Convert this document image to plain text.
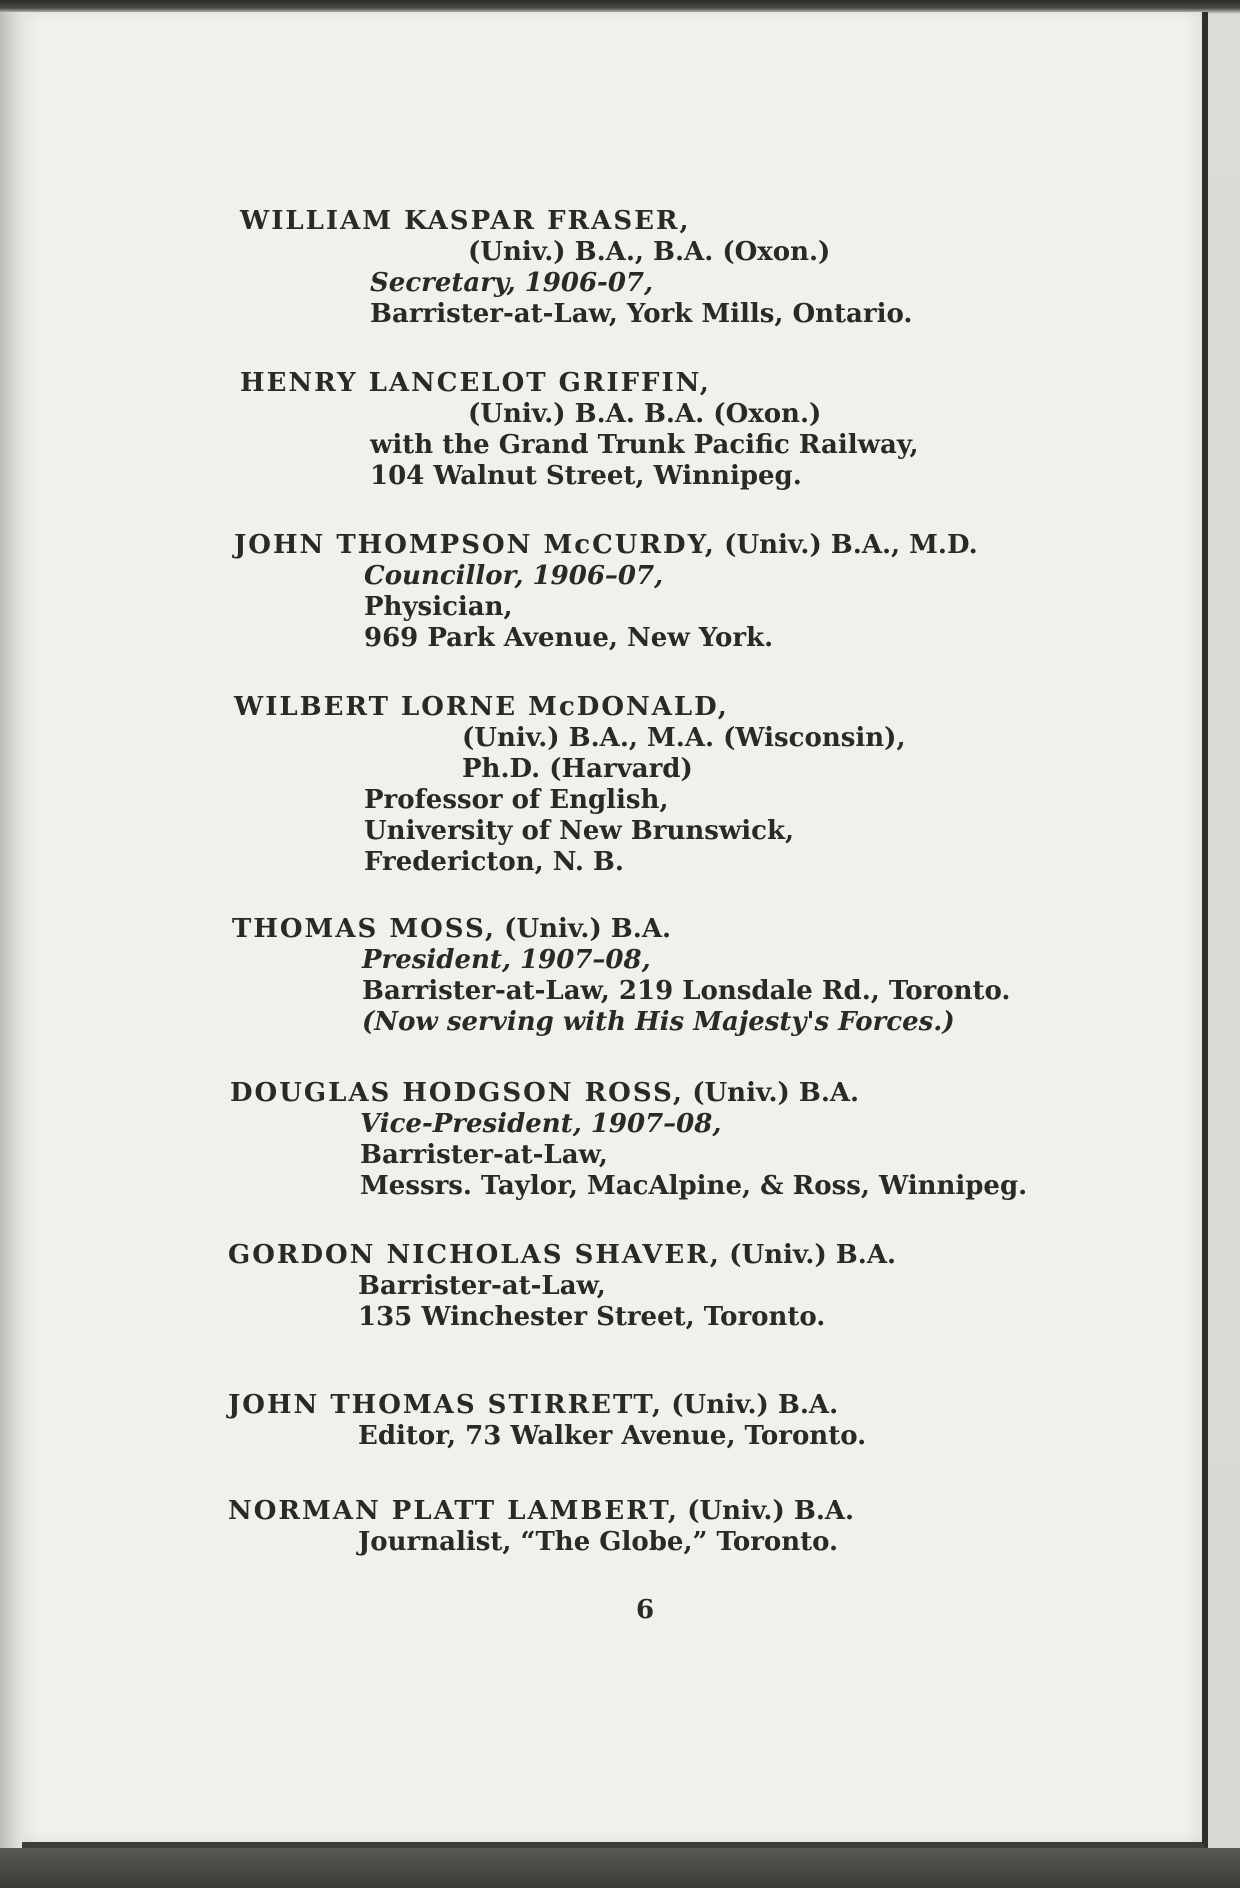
WILLIAM KASPAR FRASER,
(Univ.) B.A., B.A. (Oxon.)
Secretary, 1906-07,
Barrister-at-Law, York Mills, Ontario.
HENRY LANCELOT GRIFFIN,
(Univ.) B.A. B.A. (Oxon.)
with the Grand Trunk Pacific Railway,
104 Walnut Street, Winnipeg.
JOHN THOMPSON McCURDY, (Univ.) B.A., M.D.
Councillor, 1906–07,
Physician,
969 Park Avenue, New York.
WILBERT LORNE McDONALD,
(Univ.) B.A., M.A. (Wisconsin),
Ph.D. (Harvard)
Professor of English,
University of New Brunswick,
Fredericton, N. B.
THOMAS MOSS, (Univ.) B.A.
President, 1907–08,
Barrister-at-Law, 219 Lonsdale Rd., Toronto.
(Now serving with His Majesty's Forces.)
DOUGLAS HODGSON ROSS, (Univ.) B.A.
Vice-President, 1907–08,
Barrister-at-Law,
Messrs. Taylor, MacAlpine, & Ross, Winnipeg.
GORDON NICHOLAS SHAVER, (Univ.) B.A.
Barrister-at-Law,
135 Winchester Street, Toronto.
JOHN THOMAS STIRRETT, (Univ.) B.A.
Editor, 73 Walker Avenue, Toronto.
NORMAN PLATT LAMBERT, (Univ.) B.A.
Journalist, “The Globe,” Toronto.
6
